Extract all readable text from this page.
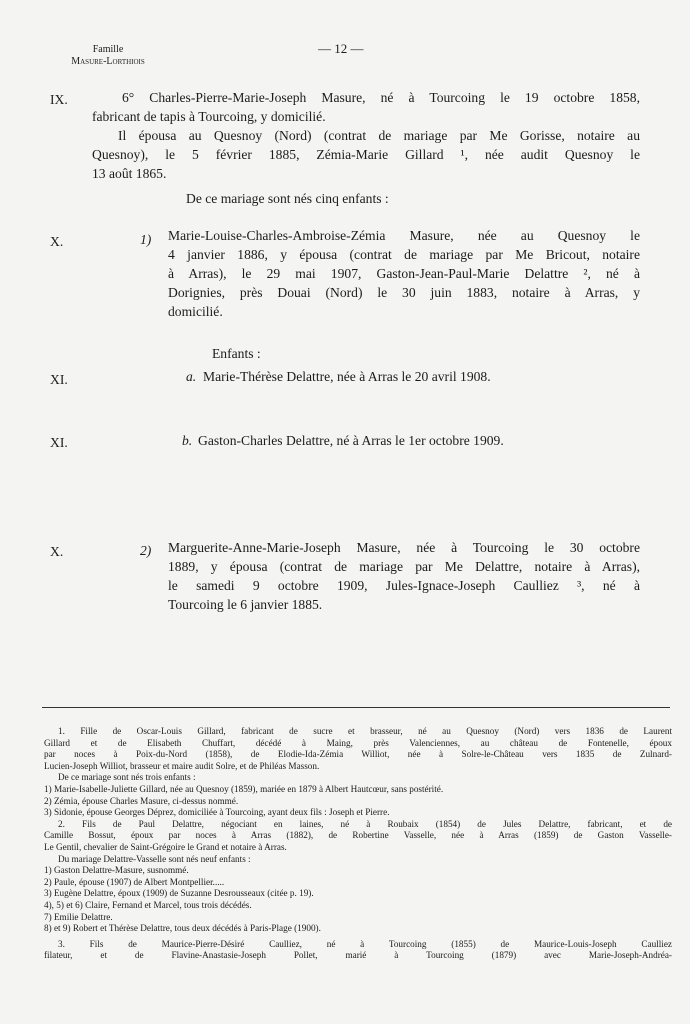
Famille
Masure-Lorthiois
— 12 —
IX.	6° Charles-Pierre-Marie-Joseph Masure, né à Tourcoing le 19 octobre 1858,

fabricant de tapis à Tourcoing, y domicilié.

Il épousa au Quesnoy (Nord) (contrat de mariage par Me Gorisse, notaire au

Quesnoy), le 5 février 1885, Zémia-Marie Gillard ¹, née audit Quesnoy le

13 août 1865.

De ce mariage sont nés cinq enfants :
X.	1) Marie-Louise-Charles-Ambroise-Zémia Masure, née au Quesnoy le

4 janvier 1886, y épousa (contrat de mariage par Me Bricout, notaire

à Arras), le 29 mai 1907, Gaston-Jean-Paul-Marie Delattre ², né à

Dorignies, près Douai (Nord) le 30 juin 1883, notaire à Arras, y

domicilié.

Enfants :
XI.	a. Marie-Thérèse Delattre, née à Arras le 20 avril 1908.
XI.	b. Gaston-Charles Delattre, né à Arras le 1er octobre 1909.
X.	2) Marguerite-Anne-Marie-Joseph Masure, née à Tourcoing le 30 octobre

1889, y épousa (contrat de mariage par Me Delattre, notaire à Arras),

le samedi 9 octobre 1909, Jules-Ignace-Joseph Caulliez ³, né à

Tourcoing le 6 janvier 1885.

1. Fille de Oscar-Louis Gillard, fabricant de sucre et brasseur, né au Quesnoy (Nord) vers 1836 de Laurent

Gillard et de Elisabeth Chuffart, décédé à Maing, près Valenciennes, au château de Fontenelle, époux

par noces à Poix-du-Nord (1858), de Elodie-Ida-Zémia Williot, née à Solre-le-Château vers 1835 de Zulnard-

Lucien-Joseph Williot, brasseur et maire audit Solre, et de Philéas Masson.

De ce mariage sont nés trois enfants :

1) Marie-Isabelle-Juliette Gillard, née au Quesnoy (1859), mariée en 1879 à Albert Hautcœur, sans postérité.

2) Zémia, épouse Charles Masure, ci-dessus nommé.

3) Sidonie, épouse Georges Déprez, domiciliée à Tourcoing, ayant deux fils : Joseph et Pierre.

2. Fils de Paul Delattre, négociant en laines, né à Roubaix (1854) de Jules Delattre, fabricant, et de

Camille Bossut, époux par noces à Arras (1882), de Robertine Vasselle, née à Arras (1859) de Gaston Vasselle-

Le Gentil, chevalier de Saint-Grégoire le Grand et notaire à Arras.

Du mariage Delattre-Vasselle sont nés neuf enfants :

1) Gaston Delattre-Masure, susnommé.

2) Paule, épouse (1907) de Albert Montpellier.....

3) Eugène Delattre, époux (1909) de Suzanne Desrousseaux (citée p. 19).

4), 5) et 6) Claire, Fernand et Marcel, tous trois décédés.

7) Emilie Delattre.

8) et 9) Robert et Thérèse Delattre, tous deux décédés à Paris-Plage (1900).

3. Fils de Maurice-Pierre-Désiré Caulliez, né à Tourcoing (1855) de Maurice-Louis-Joseph Caulliez

filateur, et de Flavine-Anastasie-Joseph Pollet, marié à Tourcoing (1879) avec Marie-Joseph-Andréa-
